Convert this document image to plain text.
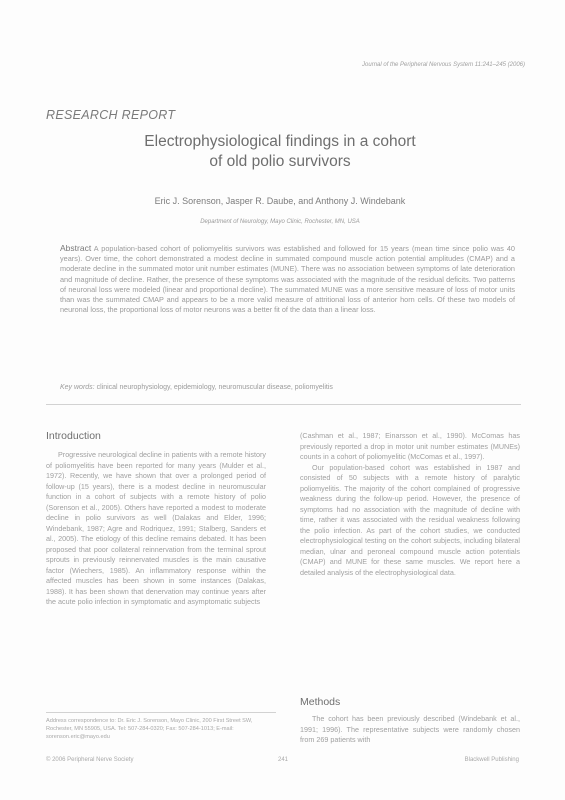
Journal of the Peripheral Nervous System 11:241–245 (2006)
RESEARCH REPORT
Electrophysiological findings in a cohort
of old polio survivors
Eric J. Sorenson, Jasper R. Daube, and Anthony J. Windebank
Department of Neurology, Mayo Clinic, Rochester, MN, USA
Abstract A population-based cohort of poliomyelitis survivors was established and followed for 15 years (mean time since polio was 40 years). Over time, the cohort demonstrated a modest decline in summated compound muscle action potential amplitudes (CMAP) and a moderate decline in the summated motor unit number estimates (MUNE). There was no association between symptoms of late deterioration and magnitude of decline. Rather, the presence of these symptoms was associated with the magnitude of the residual deficits. Two patterns of neuronal loss were modeled (linear and proportional decline). The summated MUNE was a more sensitive measure of loss of motor units than was the summated CMAP and appears to be a more valid measure of attritional loss of anterior horn cells. Of these two models of neuronal loss, the proportional loss of motor neurons was a better fit of the data than a linear loss.
Key words: clinical neurophysiology, epidemiology, neuromuscular disease, poliomyelitis
Introduction

Progressive neurological decline in patients with a remote history of poliomyelitis have been reported for many years (Mulder et al., 1972). Recently, we have shown that over a prolonged period of follow-up (15 years), there is a modest decline in neuromuscular function in a cohort of subjects with a remote history of polio (Sorenson et al., 2005). Others have reported a modest to moderate decline in polio survivors as well (Dalakas and Elder, 1996; Windebank, 1987; Agre and Rodriquez, 1991; Stalberg, Sanders et al., 2005). The etiology of this decline remains debated. It has been proposed that poor collateral reinnervation from the terminal sprout sprouts in previously reinnervated muscles is the main causative factor (Wiechers, 1985). An inflammatory response within the affected muscles has been shown in some instances (Dalakas, 1988). It has been shown that denervation may continue years after the acute polio infection in symptomatic and asymptomatic subjects

(Cashman et al., 1987; Einarsson et al., 1990). McComas has previously reported a drop in motor unit number estimates (MUNEs) counts in a cohort of poliomyelitic (McComas et al., 1997).

Our population-based cohort was established in 1987 and consisted of 50 subjects with a remote history of paralytic poliomyelitis. The majority of the cohort complained of progressive weakness during the follow-up period. However, the presence of symptoms had no association with the magnitude of decline with time, rather it was associated with the residual weakness following the polio infection. As part of the cohort studies, we conducted electrophysiological testing on the cohort subjects, including bilateral median, ulnar and peroneal compound muscle action potentials (CMAP) and MUNE for these same muscles. We report here a detailed analysis of the electrophysiological data.

Methods

The cohort has been previously described (Windebank et al., 1991; 1996). The representative subjects were randomly chosen from 269 patients with

Address correspondence to: Dr. Eric J. Sorenson, Mayo Clinic, 200 First Street SW, Rochester, MN 55905, USA. Tel: 507-284-0320; Fax: 507-284-1013; E-mail: sorenson.eric@mayo.edu
© 2006 Peripheral Nerve Society	241	Blackwell Publishing
